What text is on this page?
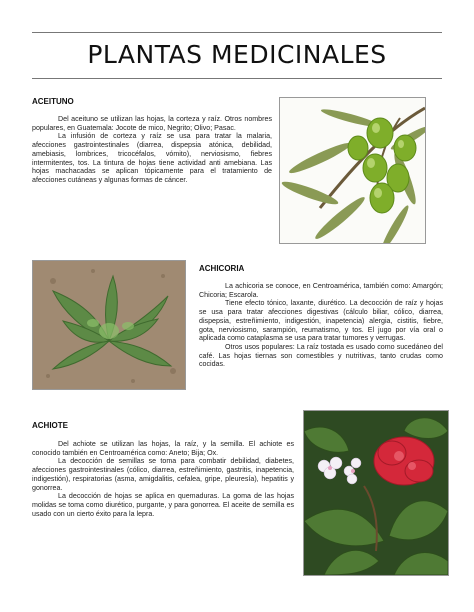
PLANTAS MEDICINALES
ACEITUNO

Del aceituno se utilizan las hojas, la corteza y raíz. Otros nombres populares, en Guatemala: Jocote de mico, Negrito; Olivo; Pasac.

La infusión de corteza y raíz se usa para tratar la malaria, afecciones gastrointestinales (diarrea, dispepsia atónica, debilidad, amebiasis, lombrices, tricocéfalos, vómito), nerviosismo, fiebres intermitentes, tos. La tintura de hojas tiene actividad anti amebiana. Las hojas machacadas se aplican tópicamente para el tratamiento de afecciones cutáneas y algunas formas de cáncer.

ACHICORIA

La achicoria se conoce, en Centroamérica, también como: Amargón; Chicoria; Escarola.

Tiene efecto tónico, laxante, diurético. La decocción de raíz y hojas se usa para tratar afecciones digestivas (cálculo biliar, cólico, diarrea, dispepsia, estreñimiento, indigestión, inapetencia) alergia, cistitis, fiebre, gota, nerviosismo, sarampión, reumatismo, y tos. El jugo por vía oral o aplicada como cataplasma se usa para tratar tumores y verrugas.

Otros usos populares: La raíz tostada es usado como sucedáneo del café. Las hojas tiernas son comestibles y nutritivas, tanto crudas como cocidas.

ACHIOTE

Del achiote se utilizan las hojas, la raíz, y la semilla. El achiote es conocido también en Centroamérica como: Aneto; Bija; Ox.

La decocción de semillas se toma para combatir debilidad, diabetes, afecciones gastrointestinales (cólico, diarrea, estreñimiento, gastritis, inapetencia, indigestión), respiratorias (asma, amigdalitis, cefalea, gripe, pleuresía), hepatitis y gonorrea.

La decocción de hojas se aplica en quemaduras. La goma de las hojas molidas se toma como diurético, purgante, y para gonorrea. El aceite de semilla es usado con un cierto éxito para la lepra.
